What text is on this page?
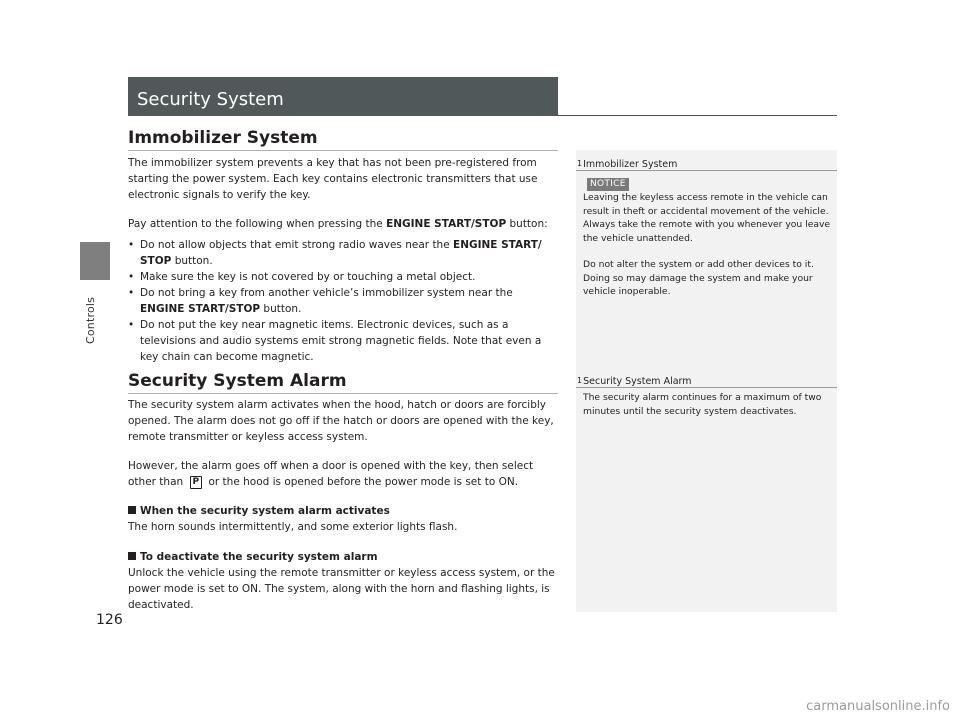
Controls
126
Security System
Immobilizer System

The immobilizer system prevents a key that has not been pre-registered from starting the power system. Each key contains electronic transmitters that use electronic signals to verify the key.

Pay attention to the following when pressing the ENGINE START/STOP button:

• Do not allow objects that emit strong radio waves near the ENGINE START/ STOP button.
• Make sure the key is not covered by or touching a metal object.
• Do not bring a key from another vehicle’s immobilizer system near the ENGINE START/STOP button.
• Do not put the key near magnetic items. Electronic devices, such as a televisions and audio systems emit strong magnetic fields. Note that even a key chain can become magnetic.
Security System Alarm

The security system alarm activates when the hood, hatch or doors are forcibly opened. The alarm does not go off if the hatch or doors are opened with the key, remote transmitter or keyless access system.

However, the alarm goes off when a door is opened with the key, then select other than P or the hood is opened before the power mode is set to ON.

When the security system alarm activates

The horn sounds intermittently, and some exterior lights flash.

To deactivate the security system alarm

Unlock the vehicle using the remote transmitter or keyless access system, or the power mode is set to ON. The system, along with the horn and flashing lights, is deactivated.

1Immobilizer System
NOTICE

Leaving the keyless access remote in the vehicle can result in theft or accidental movement of the vehicle. Always take the remote with you whenever you leave the vehicle unattended.

Do not alter the system or add other devices to it. Doing so may damage the system and make your vehicle inoperable.

1Security System Alarm

The security alarm continues for a maximum of two minutes until the security system deactivates.

carmanualsonline.info
